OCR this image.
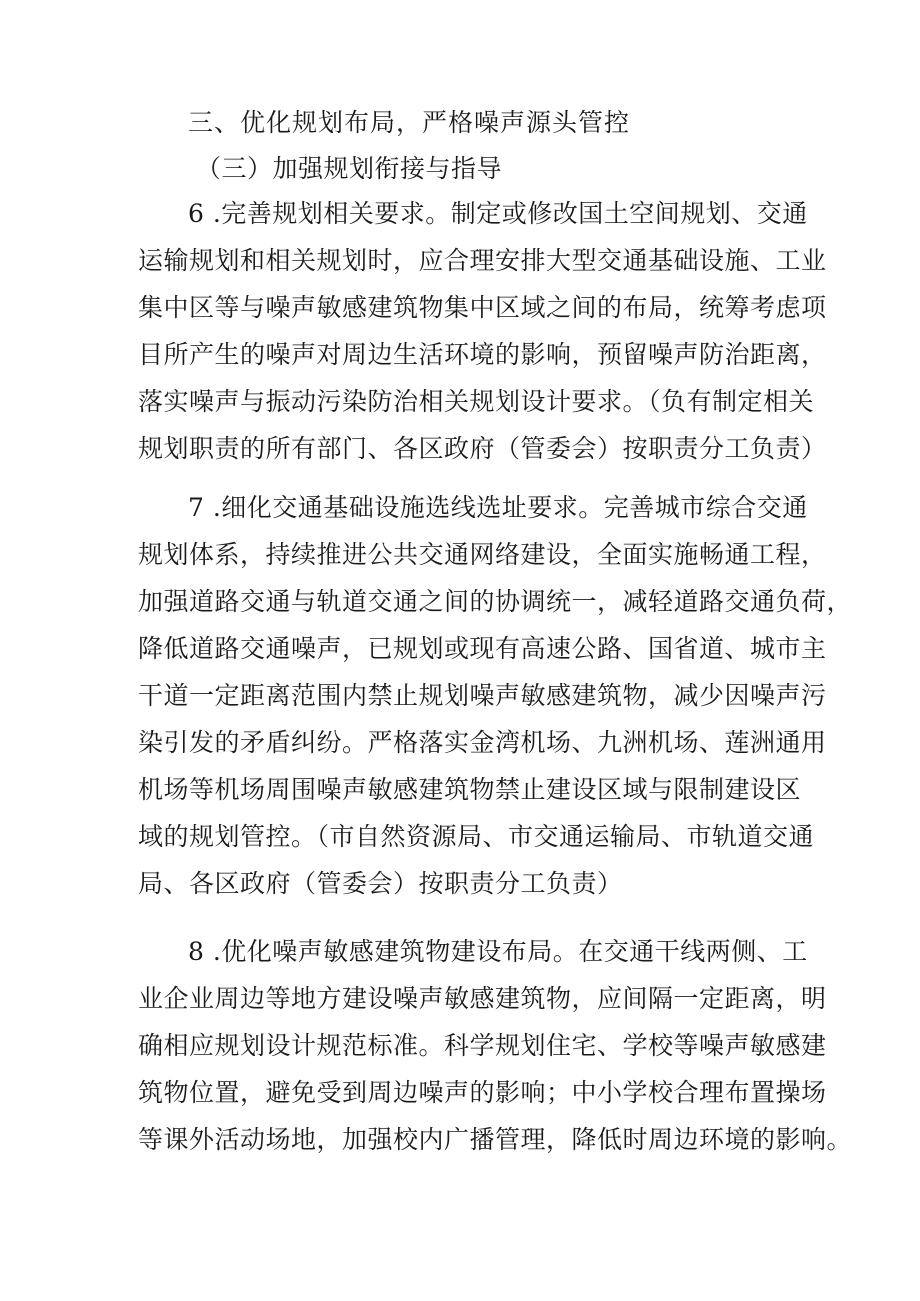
三、优化规划布局，严格噪声源头管控
（三）加强规划衔接与指导
6 .完善规划相关要求。制定或修改国土空间规划、交通
运输规划和相关规划时，应合理安排大型交通基础设施、工业
集中区等与噪声敏感建筑物集中区域之间的布局，统筹考虑项
目所产生的噪声对周边生活环境的影响，预留噪声防治距离，
落实噪声与振动污染防治相关规划设计要求。（负有制定相关
规划职责的所有部门、各区政府（管委会）按职责分工负责）
7 .细化交通基础设施选线选址要求。完善城市综合交通
规划体系，持续推进公共交通网络建设，全面实施畅通工程，
加强道路交通与轨道交通之间的协调统一，减轻道路交通负荷，
降低道路交通噪声，已规划或现有高速公路、国省道、城市主
干道一定距离范围内禁止规划噪声敏感建筑物，减少因噪声污
染引发的矛盾纠纷。严格落实金湾机场、九洲机场、莲洲通用
机场等机场周围噪声敏感建筑物禁止建设区域与限制建设区
域的规划管控。（市自然资源局、市交通运输局、市轨道交通
局、各区政府（管委会）按职责分工负责）
8 .优化噪声敏感建筑物建设布局。在交通干线两侧、工
业企业周边等地方建设噪声敏感建筑物，应间隔一定距离，明
确相应规划设计规范标准。科学规划住宅、学校等噪声敏感建
筑物位置，避免受到周边噪声的影响；中小学校合理布置操场
等课外活动场地，加强校内广播管理，降低时周边环境的影响。
